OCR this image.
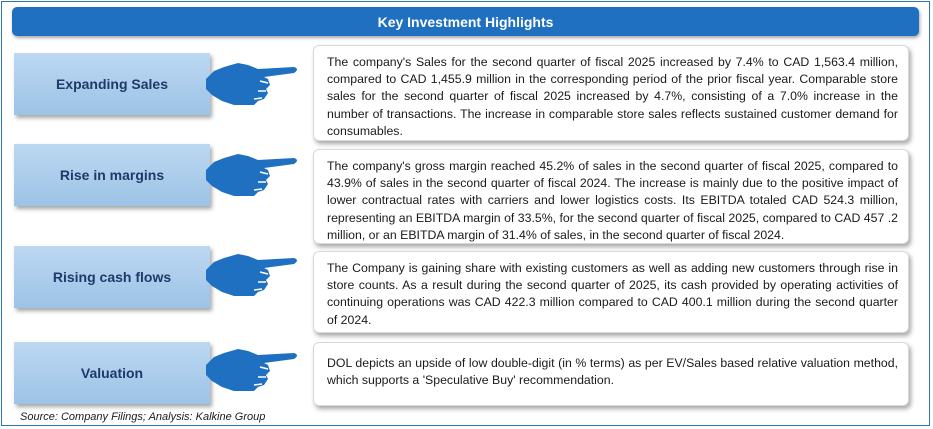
Key Investment Highlights
Expanding Sales
The company's Sales for the second quarter of fiscal 2025 increased by 7.4% to CAD 1,563.4 million, compared to CAD 1,455.9 million in the corresponding period of the prior fiscal year. Comparable store sales for the second quarter of fiscal 2025 increased by 4.7%, consisting of a 7.0% increase in the number of transactions. The increase in comparable store sales reflects sustained customer demand for consumables.
Rise in margins
The company's gross margin reached 45.2% of sales in the second quarter of fiscal 2025, compared to 43.9% of sales in the second quarter of fiscal 2024. The increase is mainly due to the positive impact of lower contractual rates with carriers and lower logistics costs. Its EBITDA totaled CAD 524.3 million, representing an EBITDA margin of 33.5%, for the second quarter of fiscal 2025, compared to CAD 457 .2 million, or an EBITDA margin of 31.4% of sales, in the second quarter of fiscal 2024.
Rising cash flows
The Company is gaining share with existing customers as well as adding new customers through rise in store counts. As a result during the second quarter of 2025, its cash provided by operating activities of continuing operations was CAD 422.3 million compared to CAD 400.1 million during the second quarter of 2024.
Valuation
DOL depicts an upside of low double-digit (in % terms) as per EV/Sales based relative valuation method, which supports a 'Speculative Buy' recommendation.
Source: Company Filings; Analysis: Kalkine Group
